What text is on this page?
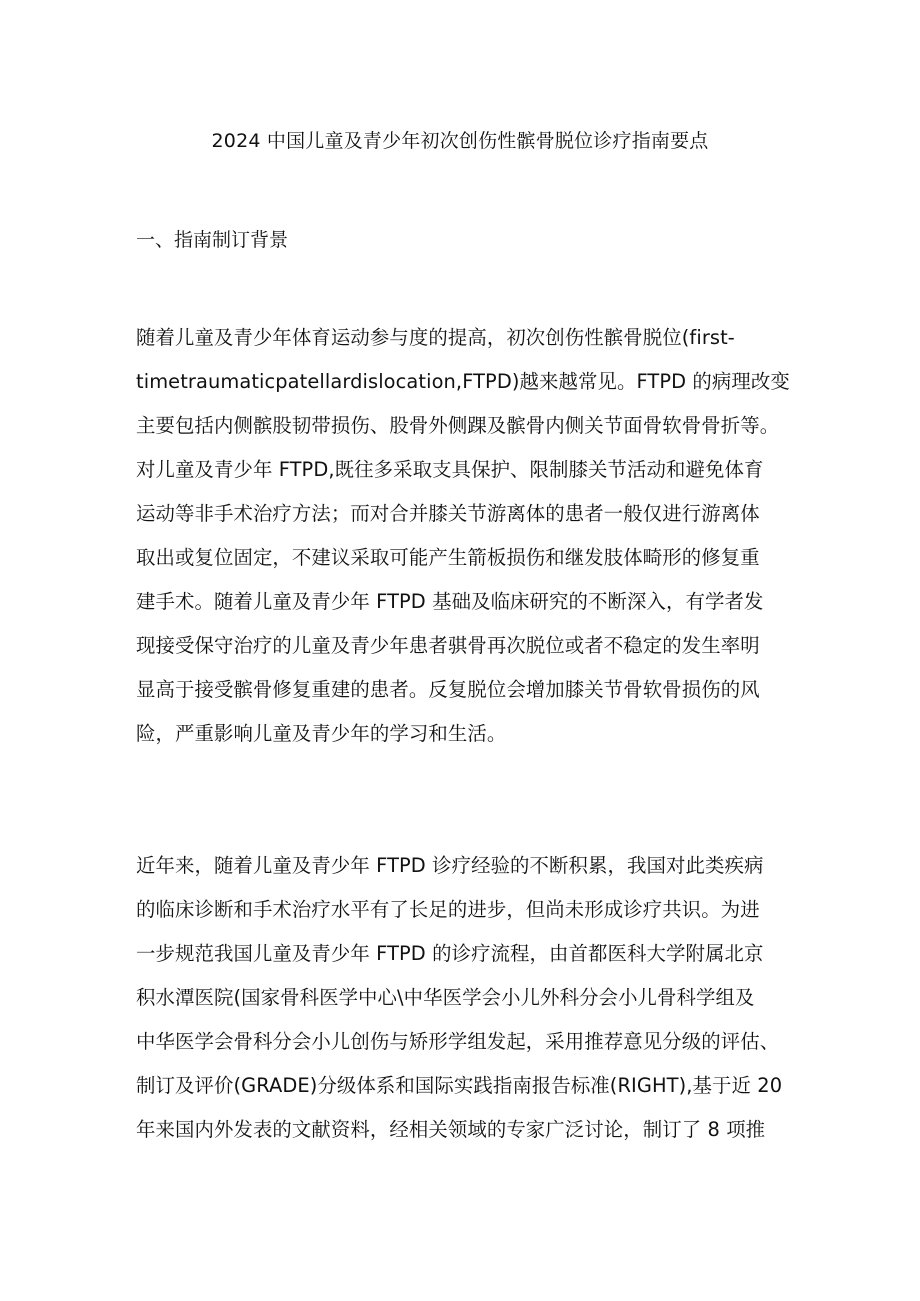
2024 中国儿童及青少年初次创伤性髌骨脱位诊疗指南要点
一、指南制订背景

随着儿童及青少年体育运动参与度的提高，初次创伤性髌骨脱位(first-
timetraumaticpatellardislocation,FTPD)越来越常见。FTPD 的病理改变
主要包括内侧髌股韧带损伤、股骨外侧踝及髌骨内侧关节面骨软骨骨折等。
对儿童及青少年 FTPD,既往多采取支具保护、限制膝关节活动和避免体育
运动等非手术治疗方法；而对合并膝关节游离体的患者一般仅进行游离体
取出或复位固定，不建议采取可能产生箭板损伤和继发肢体畸形的修复重
建手术。随着儿童及青少年 FTPD 基础及临床研究的不断深入，有学者发
现接受保守治疗的儿童及青少年患者骐骨再次脱位或者不稳定的发生率明
显高于接受髌骨修复重建的患者。反复脱位会增加膝关节骨软骨损伤的风
险，严重影响儿童及青少年的学习和生活。

近年来，随着儿童及青少年 FTPD 诊疗经验的不断积累，我国对此类疾病
的临床诊断和手术治疗水平有了长足的进步，但尚未形成诊疗共识。为进
一步规范我国儿童及青少年 FTPD 的诊疗流程，由首都医科大学附属北京
积水潭医院(国家骨科医学中心\中华医学会小儿外科分会小儿骨科学组及
中华医学会骨科分会小儿创伤与矫形学组发起，采用推荐意见分级的评估、
制订及评价(GRADE)分级体系和国际实践指南报告标准(RIGHT),基于近 20
年来国内外发表的文献资料，经相关领域的专家广泛讨论，制订了 8 项推
